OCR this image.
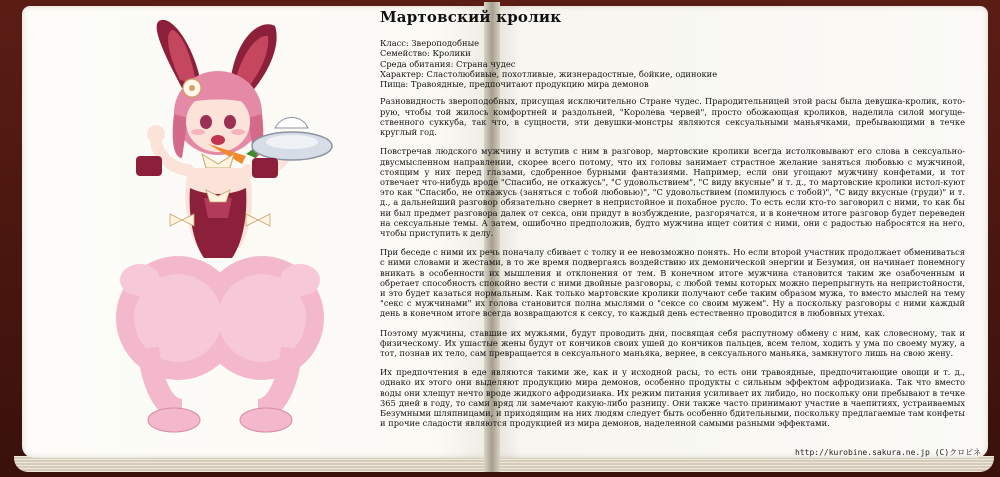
Мартовский кролик
Класс: Звероподобные
Семейство: Кролики
Среда обитания: Страна чудес
Характер: Сластолюбивые, похотливые, жизнерадостные, бойкие, одинокие
Пища: Травоядные, предпочитают продукцию мира демонов

Разновидность звероподобных, присущая исключительно Стране чудес. Прародительницей этой расы была девушка-кролик, кото-рую, чтобы той жилось комфортней и раздольней, "Королева червей", просто обожающая кроликов, наделила силой могуще-ственного суккуба, так что, в сущности, эти девушки-монстры являются сексуальными маньячками, пребывающими в течке круглый год.

Повстречав людского мужчину и вступив с ним в разговор, мартовские кролики всегда истолковывают его слова в сексуально-двусмысленном направлении, скорее всего потому, что их головы занимает страстное желание заняться любовью с мужчиной, стоящим у них перед глазами, сдобренное бурными фантазиями. Например, если они угощают мужчину конфетами, и тот отвечает что-нибудь вроде "Спасибо, не откажусь", "С удовольствием", "С виду вкусные" и т. д., то мартовские кролики истол-куют это как "Спасибо, не откажусь (заняться с тобой любовью)", "С удовольствием (помилуюсь с тобой)", "С виду вкусные (груди)" и т. д., а дальнейший разговор обязательно свернет в непристойное и похабное русло. То есть если кто-то заговорил с ними, то как бы ни был предмет разговора далек от секса, они придут в возбуждение, разгорячатся, и в конечном итоге разговор будет переведен на сексуальные темы. А затем, ошибочно предположив, будто мужчина ищет соития с ними, они с радостью набросятся на него, чтобы приступить к делу.

При беседе с ними их речь поначалу сбивает с толку и ее невозможно понять. Но если второй участник продолжает обмениваться с ними словами и жестами, в то же время подвергаясь воздействию их демонической энергии и Безумия, он начинает понемногу вникать в особенности их мышления и отклонения от тем. В конечном итоге мужчина становится таким же озабоченным и обретает способность спокойно вести с ними двойные разговоры, с любой темы которых можно перепрыгнуть на непристойности, и это будет казаться нормальным. Как только мартовские кролики получают себе таким образом мужа, то вместо мыслей на тему "секс с мужчинами" их голова становится полна мыслями о "сексе со своим мужем". Ну а поскольку разговоры с ними каждый день в конечном итоге всегда возвращаются к сексу, то каждый день естественно проводится в любовных утехах.

Поэтому мужчины, ставшие их мужьями, будут проводить дни, посвящая себя распутному обмену с ним, как словесному, так и физическому. Их ушастые жены будут от кончиков своих ушей до кончиков пальцев, всем телом, ходить у ума по своему мужу, а тот, познав их тело, сам превращается в сексуального маньяка, вернее, в сексуального маньяка, замкнутого лишь на свою жену.

Их предпочтения в еде являются такими же, как и у исходной расы, то есть они травоядные, предпочитающие овощи и т. д., однако их этого они выделяют продукцию мира демонов, особенно продукты с сильным эффектом афродизиака. Так что вместо воды они хлещут нечто вроде жидкого афродизиака. Их режим питания усиливает их либидо, но поскольку они пребывают в течке 365 дней в году, то сами вряд ли замечают какую-либо разницу. Они также часто принимают участие в чаепитиях, устраиваемых Безумными шляпницами, и приходящим на них людям следует быть особенно бдительными, поскольку предлагаемые там конфеты и прочие сладости являются продукцией из мира демонов, наделенной самыми разными эффектами.

http://kurobine.sakura.ne.jp (C)クロビネ
